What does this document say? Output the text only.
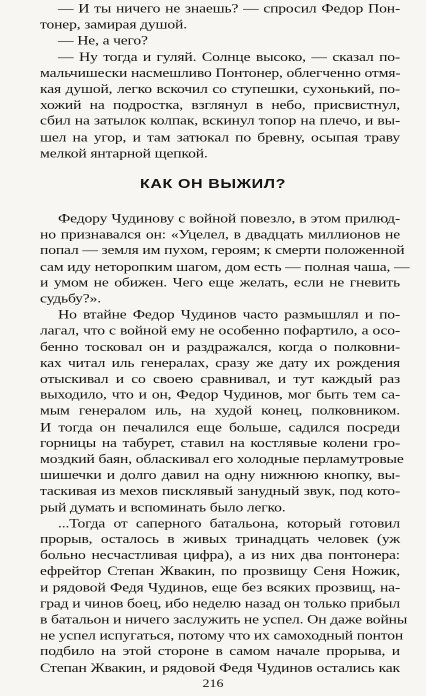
— И ты ничего не знаешь? — спросил Федор Пон-
тонер, замирая душой.
— Не, а чего?
— Ну тогда и гуляй. Солнце высоко, — сказал по-
мальчишески насмешливо Понтонер, облегченно отмя-
кая душой, легко вскочил со ступешки, сухонький, по-
хожий на подростка, взглянул в небо, присвистнул,
сбил на затылок колпак, вскинул топор на плечо, и вы-
шел на угор, и там затюкал по бревну, осыпая траву
мелкой янтарной щепкой.
КАК ОН ВЫЖИЛ?
Федору Чудинову с войной повезло, в этом прилюд-
но признавался он: «Уцелел, в двадцать миллионов не
попал — земля им пухом, героям; к смерти положенной
сам иду неторопким шагом, дом есть — полная чаша, —
и умом не обижен. Чего еще желать, если не гневить
судьбу?».
Но втайне Федор Чудинов часто размышлял и по-
лагал, что с войной ему не особенно пофартило, а осо-
бенно тосковал он и раздражался, когда о полковни-
ках читал иль генералах, сразу же дату их рождения
отыскивал и со своею сравнивал, и тут каждый раз
выходило, что и он, Федор Чудинов, мог быть тем са-
мым генералом иль, на худой конец, полковником.
И тогда он печалился еще больше, садился посреди
горницы на табурет, ставил на костлявые колени гро-
моздкий баян, обласкивал его холодные перламутровые
шишечки и долго давил на одну нижнюю кнопку, вы-
таскивая из мехов писклявый занудный звук, под кото-
рый думать и вспоминать было легко.
...Тогда от саперного батальона, который готовил
прорыв, осталось в живых тринадцать человек (уж
больно несчастливая цифра), а из них два понтонера:
ефрейтор Степан Жвакин, по прозвищу Сеня Ножик,
и рядовой Федя Чудинов, еще без всяких прозвищ, на-
град и чинов боец, ибо неделю назад он только прибыл
в батальон и ничего заслужить не успел. Он даже войны
не успел испугаться, потому что их самоходный понтон
подбило на этой стороне в самом начале прорыва, и
Степан Жвакин, и рядовой Федя Чудинов остались как
216
